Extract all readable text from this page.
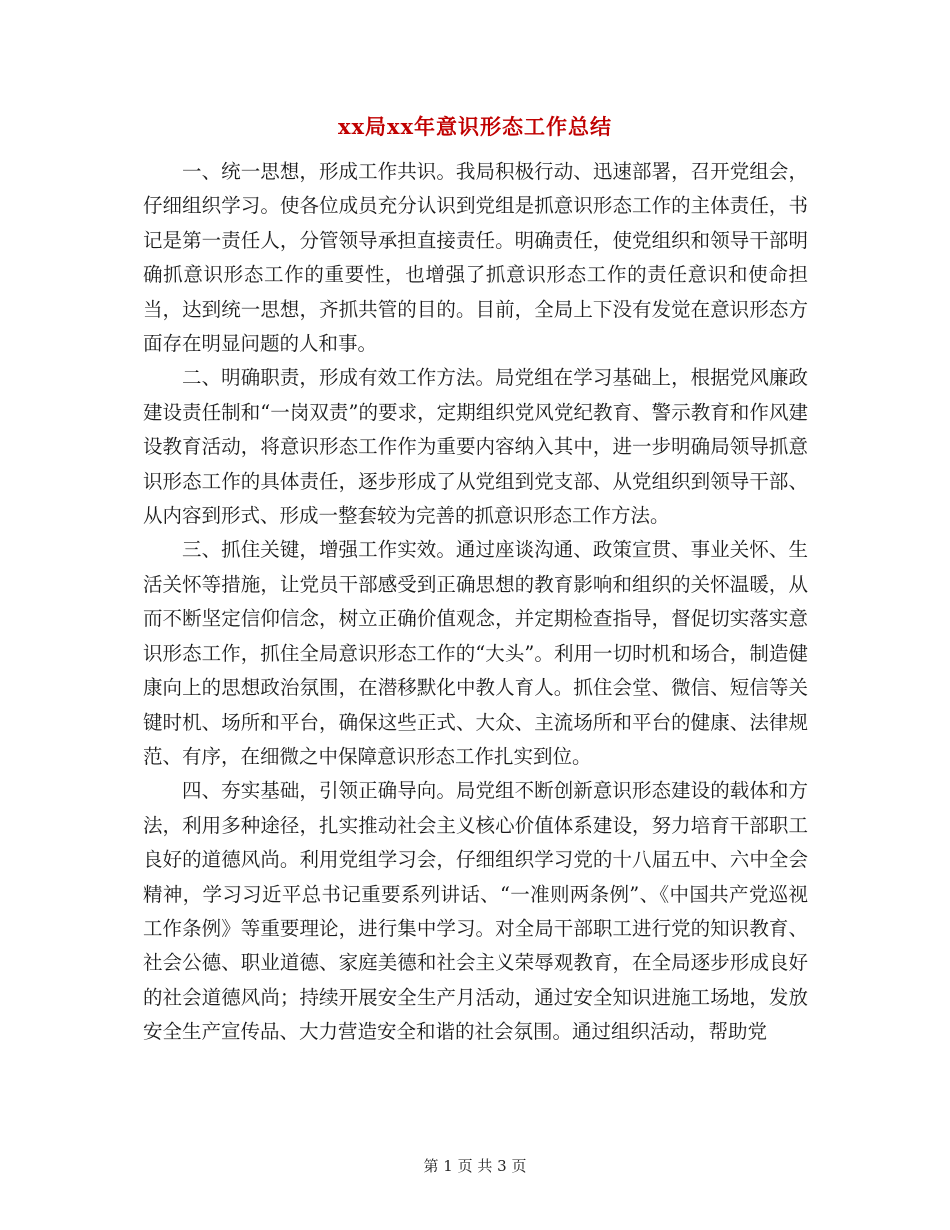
xx局xx年意识形态工作总结

一、统一思想，形成工作共识。我局积极行动、迅速部署，召开党组会，仔细组织学习。使各位成员充分认识到党组是抓意识形态工作的主体责任，书记是第一责任人，分管领导承担直接责任。明确责任，使党组织和领导干部明确抓意识形态工作的重要性，也增强了抓意识形态工作的责任意识和使命担当，达到统一思想，齐抓共管的目的。目前，全局上下没有发觉在意识形态方面存在明显问题的人和事。

二、明确职责，形成有效工作方法。局党组在学习基础上，根据党风廉政建设责任制和“一岗双责”的要求，定期组织党风党纪教育、警示教育和作风建设教育活动，将意识形态工作作为重要内容纳入其中，进一步明确局领导抓意识形态工作的具体责任，逐步形成了从党组到党支部、从党组织到领导干部、从内容到形式、形成一整套较为完善的抓意识形态工作方法。

三、抓住关键，增强工作实效。通过座谈沟通、政策宣贯、事业关怀、生活关怀等措施，让党员干部感受到正确思想的教育影响和组织的关怀温暖，从而不断坚定信仰信念，树立正确价值观念，并定期检查指导，督促切实落实意识形态工作，抓住全局意识形态工作的“大头”。利用一切时机和场合，制造健康向上的思想政治氛围，在潜移默化中教人育人。抓住会堂、微信、短信等关键时机、场所和平台，确保这些正式、大众、主流场所和平台的健康、法律规范、有序，在细微之中保障意识形态工作扎实到位。

四、夯实基础，引领正确导向。局党组不断创新意识形态建设的载体和方法，利用多种途径，扎实推动社会主义核心价值体系建设，努力培育干部职工良好的道德风尚。利用党组学习会，仔细组织学习党的十八届五中、六中全会精神，学习习近平总书记重要系列讲话、“一准则两条例”、《中国共产党巡视工作条例》等重要理论，进行集中学习。对全局干部职工进行党的知识教育、社会公德、职业道德、家庭美德和社会主义荣辱观教育，在全局逐步形成良好的社会道德风尚；持续开展安全生产月活动，通过安全知识进施工场地，发放安全生产宣传品、大力营造安全和谐的社会氛围。通过组织活动，帮助党

第 1 页 共 3 页
